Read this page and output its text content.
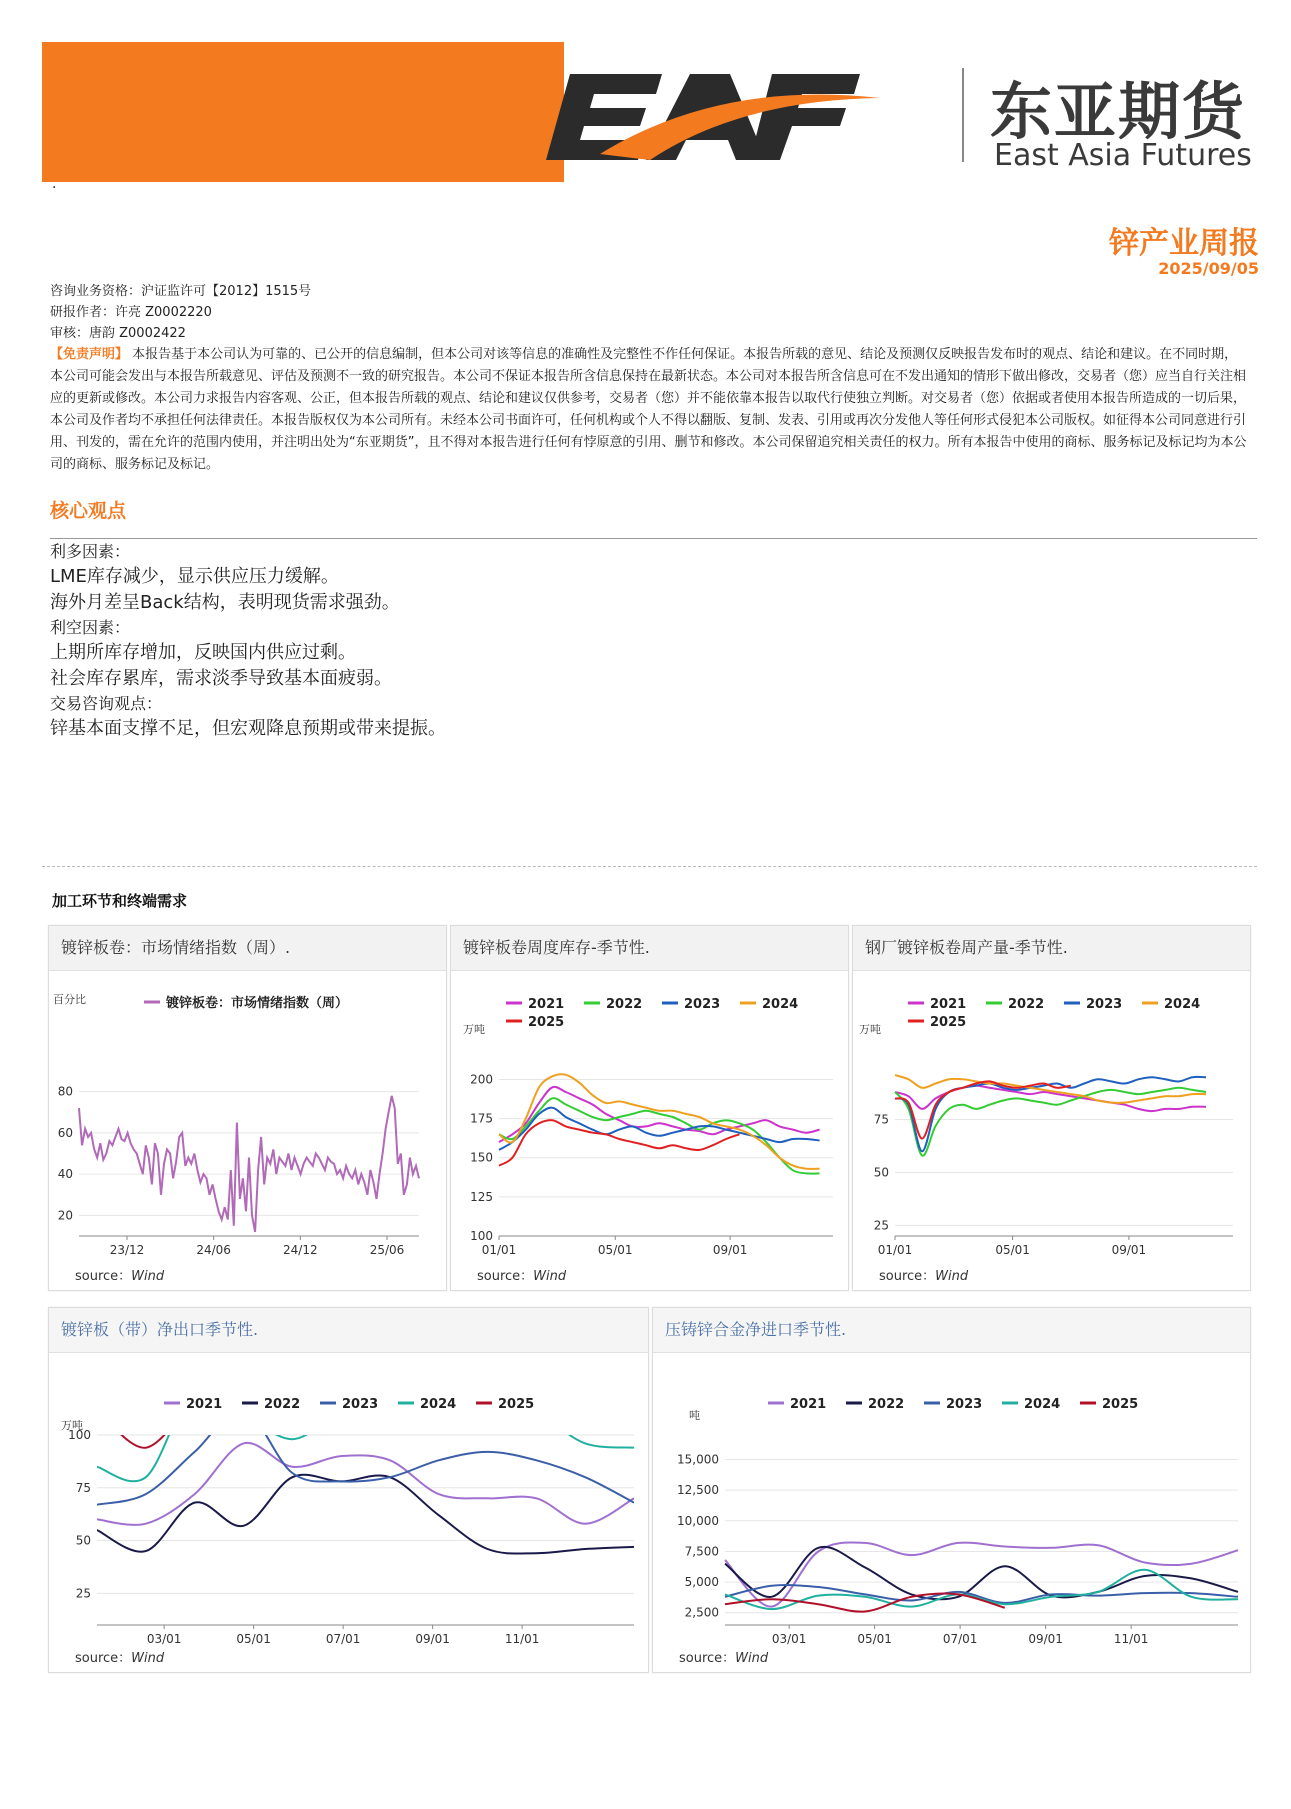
东亚期货
East Asia Futures
·
锌产业周报
2025/09/05
咨询业务资格：沪证监许可【2012】1515号
研报作者：许亮 Z0002220
审核：唐韵 Z0002422
【免责声明】 本报告基于本公司认为可靠的、已公开的信息编制，但本公司对该等信息的准确性及完整性不作任何保证。本报告所载的意见、结论及预测仅反映报告发布时的观点、结论和建议。在不同时期，本公司可能会发出与本报告所载意见、评估及预测不一致的研究报告。本公司不保证本报告所含信息保持在最新状态。本公司对本报告所含信息可在不发出通知的情形下做出修改，交易者（您）应当自行关注相应的更新或修改。本公司力求报告内容客观、公正，但本报告所载的观点、结论和建议仅供参考，交易者（您）并不能依靠本报告以取代行使独立判断。对交易者（您）依据或者使用本报告所造成的一切后果，本公司及作者均不承担任何法律责任。本报告版权仅为本公司所有。未经本公司书面许可，任何机构或个人不得以翻版、复制、发表、引用或再次分发他人等任何形式侵犯本公司版权。如征得本公司同意进行引用、刊发的，需在允许的范围内使用，并注明出处为“东亚期货”，且不得对本报告进行任何有悖原意的引用、删节和修改。本公司保留追究相关责任的权力。所有本报告中使用的商标、服务标记及标记均为本公司的商标、服务标记及标记。
核心观点
利多因素：
LME库存减少，显示供应压力缓解。
海外月差呈Back结构，表明现货需求强劲。
利空因素：
上期所库存增加，反映国内供应过剩。
社会库存累库，需求淡季导致基本面疲弱。
交易咨询观点：
锌基本面支撑不足，但宏观降息预期或带来提振。
加工环节和终端需求
镀锌板卷：市场情绪指数（周）.
百分比
20
40
60
80
23/12	24/06	24/12	25/06
镀锌板卷：市场情绪指数（周）
source：Wind
镀锌板卷周度库存-季节性.
万吨
100
125
150
175
200
01/01	05/01	09/01
2021	2022	2023	2024
2025
source：Wind
钢厂镀锌板卷周产量-季节性.
万吨
25
50
75
01/01	05/01	09/01
2021	2022	2023	2024
2025
source：Wind
镀锌板（带）净出口季节性.
万吨
25
50
75
100
03/01	05/01	07/01	09/01	11/01
2021	2022	2023	2024	2025
source：Wind
压铸锌合金净进口季节性.
吨
2,500
5,000
7,500
10,000
12,500
15,000
03/01	05/01	07/01	09/01	11/01
2021	2022	2023	2024	2025
source：Wind
